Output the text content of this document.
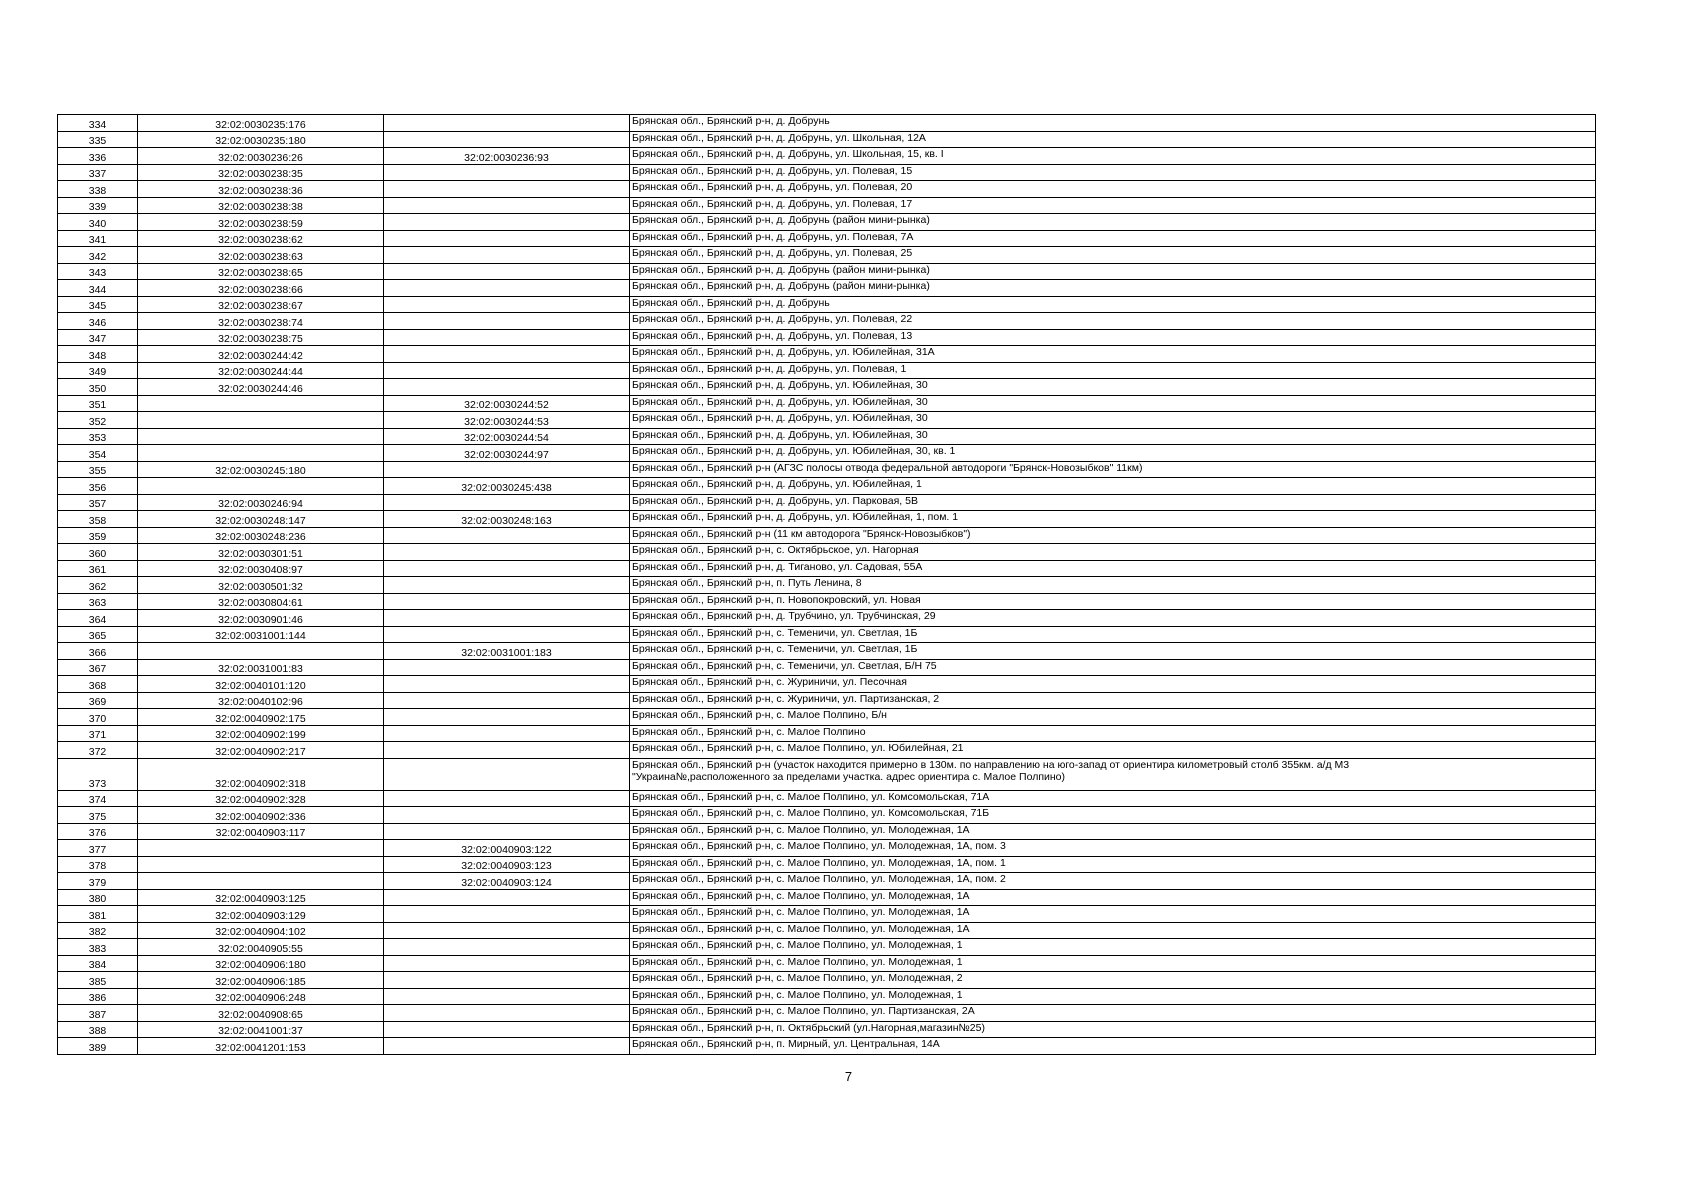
334	32:02:0030235:176		Брянская обл., Брянский р-н, д. Добрунь
335	32:02:0030235:180		Брянская обл., Брянский р-н, д. Добрунь, ул. Школьная, 12А
336	32:02:0030236:26	32:02:0030236:93	Брянская обл., Брянский р-н, д. Добрунь, ул. Школьная, 15, кв. I
337	32:02:0030238:35		Брянская обл., Брянский р-н, д. Добрунь, ул. Полевая, 15
338	32:02:0030238:36		Брянская обл., Брянский р-н, д. Добрунь, ул. Полевая, 20
339	32:02:0030238:38		Брянская обл., Брянский р-н, д. Добрунь, ул. Полевая, 17
340	32:02:0030238:59		Брянская обл., Брянский р-н, д. Добрунь (район мини-рынка)
341	32:02:0030238:62		Брянская обл., Брянский р-н, д. Добрунь, ул. Полевая, 7А
342	32:02:0030238:63		Брянская обл., Брянский р-н, д. Добрунь, ул. Полевая, 25
343	32:02:0030238:65		Брянская обл., Брянский р-н, д. Добрунь (район мини-рынка)
344	32:02:0030238:66		Брянская обл., Брянский р-н, д. Добрунь (район мини-рынка)
345	32:02:0030238:67		Брянская обл., Брянский р-н, д. Добрунь
346	32:02:0030238:74		Брянская обл., Брянский р-н, д. Добрунь, ул. Полевая, 22
347	32:02:0030238:75		Брянская обл., Брянский р-н, д. Добрунь, ул. Полевая, 13
348	32:02:0030244:42		Брянская обл., Брянский р-н, д. Добрунь, ул. Юбилейная, 31А
349	32:02:0030244:44		Брянская обл., Брянский р-н, д. Добрунь, ул. Полевая, 1
350	32:02:0030244:46		Брянская обл., Брянский р-н, д. Добрунь, ул. Юбилейная, 30
351		32:02:0030244:52	Брянская обл., Брянский р-н, д. Добрунь, ул. Юбилейная, 30
352		32:02:0030244:53	Брянская обл., Брянский р-н, д. Добрунь, ул. Юбилейная, 30
353		32:02:0030244:54	Брянская обл., Брянский р-н, д. Добрунь, ул. Юбилейная, 30
354		32:02:0030244:97	Брянская обл., Брянский р-н, д. Добрунь, ул. Юбилейная, 30, кв. 1
355	32:02:0030245:180		Брянская обл., Брянский р-н (АГЗС полосы отвода федеральной автодороги "Брянск-Новозыбков" 11км)
356		32:02:0030245:438	Брянская обл., Брянский р-н, д. Добрунь, ул. Юбилейная, 1
357	32:02:0030246:94		Брянская обл., Брянский р-н, д. Добрунь, ул. Парковая, 5В
358	32:02:0030248:147	32:02:0030248:163	Брянская обл., Брянский р-н, д. Добрунь, ул. Юбилейная, 1, пом. 1
359	32:02:0030248:236		Брянская обл., Брянский р-н (11 км автодорога "Брянск-Новозыбков")
360	32:02:0030301:51		Брянская обл., Брянский р-н, с. Октябрьское, ул. Нагорная
361	32:02:0030408:97		Брянская обл., Брянский р-н, д. Тиганово, ул. Садовая, 55А
362	32:02:0030501:32		Брянская обл., Брянский р-н, п. Путь Ленина, 8
363	32:02:0030804:61		Брянская обл., Брянский р-н, п. Новопокровский, ул. Новая
364	32:02:0030901:46		Брянская обл., Брянский р-н, д. Трубчино, ул. Трубчинская, 29
365	32:02:0031001:144		Брянская обл., Брянский р-н, с. Теменичи, ул. Светлая, 1Б
366		32:02:0031001:183	Брянская обл., Брянский р-н, с. Теменичи, ул. Светлая, 1Б
367	32:02:0031001:83		Брянская обл., Брянский р-н, с. Теменичи, ул. Светлая, Б/Н 75
368	32:02:0040101:120		Брянская обл., Брянский р-н, с. Журиничи, ул. Песочная
369	32:02:0040102:96		Брянская обл., Брянский р-н, с. Журиничи, ул. Партизанская, 2
370	32:02:0040902:175		Брянская обл., Брянский р-н, с. Малое Полпино, Б/н
371	32:02:0040902:199		Брянская обл., Брянский р-н, с. Малое Полпино
372	32:02:0040902:217		Брянская обл., Брянский р-н, с. Малое Полпино, ул. Юбилейная, 21
373	32:02:0040902:318		Брянская обл., Брянский р-н (участок находится примерно в 130м. по направлению на юго-запад от ориентира километровый столб 355км. а/д М3
"Украина№,расположенного за пределами участка. адрес ориентира с. Малое Полпино)
374	32:02:0040902:328		Брянская обл., Брянский р-н, с. Малое Полпино, ул. Комсомольская, 71А
375	32:02:0040902:336		Брянская обл., Брянский р-н, с. Малое Полпино, ул. Комсомольская, 71Б
376	32:02:0040903:117		Брянская обл., Брянский р-н, с. Малое Полпино, ул. Молодежная, 1А
377		32:02:0040903:122	Брянская обл., Брянский р-н, с. Малое Полпино, ул. Молодежная, 1А, пом. 3
378		32:02:0040903:123	Брянская обл., Брянский р-н, с. Малое Полпино, ул. Молодежная, 1А, пом. 1
379		32:02:0040903:124	Брянская обл., Брянский р-н, с. Малое Полпино, ул. Молодежная, 1А, пом. 2
380	32:02:0040903:125		Брянская обл., Брянский р-н, с. Малое Полпино, ул. Молодежная, 1А
381	32:02:0040903:129		Брянская обл., Брянский р-н, с. Малое Полпино, ул. Молодежная, 1А
382	32:02:0040904:102		Брянская обл., Брянский р-н, с. Малое Полпино, ул. Молодежная, 1А
383	32:02:0040905:55		Брянская обл., Брянский р-н, с. Малое Полпино, ул. Молодежная, 1
384	32:02:0040906:180		Брянская обл., Брянский р-н, с. Малое Полпино, ул. Молодежная, 1
385	32:02:0040906:185		Брянская обл., Брянский р-н, с. Малое Полпино, ул. Молодежная, 2
386	32:02:0040906:248		Брянская обл., Брянский р-н, с. Малое Полпино, ул. Молодежная, 1
387	32:02:0040908:65		Брянская обл., Брянский р-н, с. Малое Полпино, ул. Партизанская, 2А
388	32:02:0041001:37		Брянская обл., Брянский р-н, п. Октябрьский (ул.Нагорная,магазин№25)
389	32:02:0041201:153		Брянская обл., Брянский р-н, п. Мирный, ул. Центральная, 14А
7
